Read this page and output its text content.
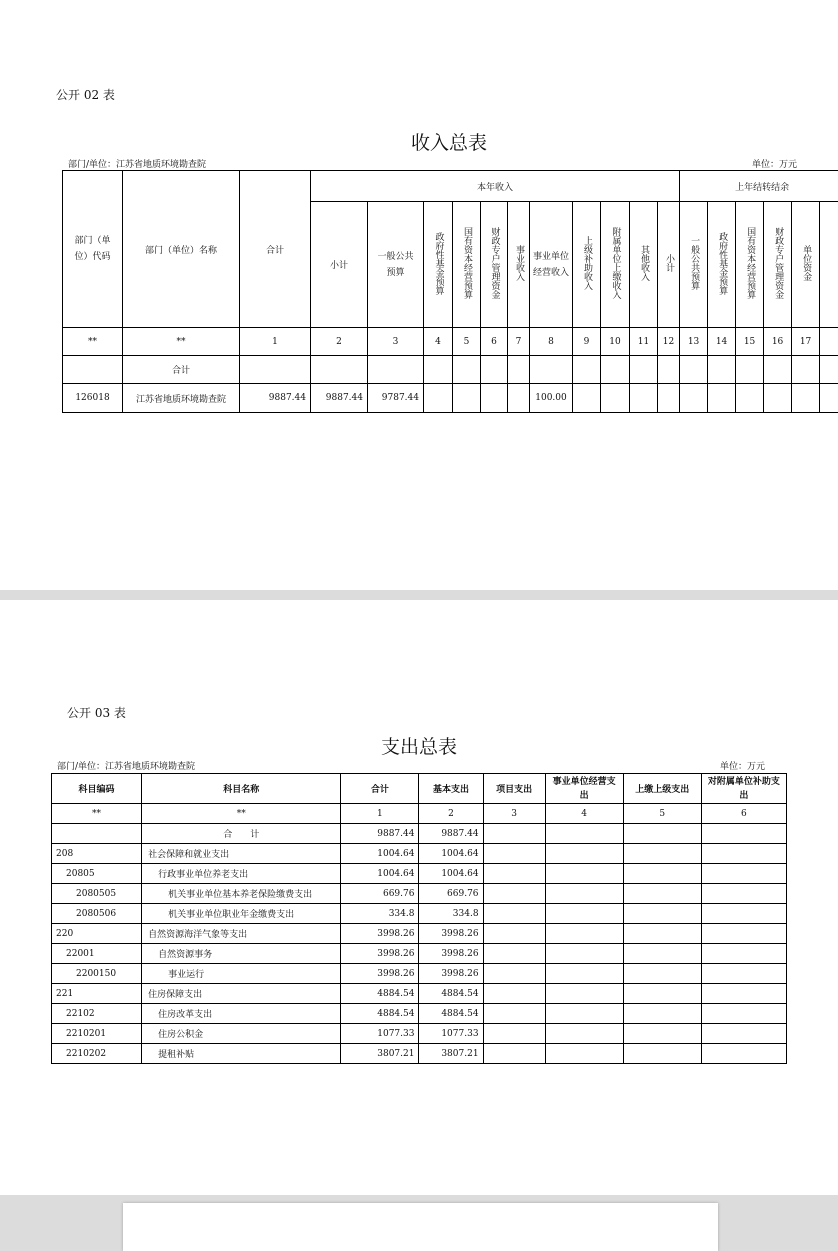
公开 02 表
收入总表
部门/单位：江苏省地质环境勘查院	单位：万元
部门（单位）代码	部门（单位）名称	合计	本年收入											上年结转结余					
			小计	一般公共预算	政府性基金预算	国有资本经营预算	财政专户管理资金	事业收入	事业单位经营收入	上级补助收入	附属单位上缴收入	其他收入	小计	一般公共预算	政府性基金预算	国有资本经营预算	财政专户管理资金	单位资金	
**	**	1	2	3	4	5	6	7	8	9	10	11	12	13	14	15	16	17	
	合计																		
126018	江苏省地质环境勘查院	9887.44	9887.44	9787.44					100.00										
公开 03 表
支出总表
部门/单位：江苏省地质环境勘查院	单位：万元
科目编码	科目名称	合计	基本支出	项目支出	事业单位经营支出	上缴上级支出	对附属单位补助支出
**	**	1	2	3	4	5	6
	合　　计	9887.44	9887.44				
208	社会保障和就业支出	1004.64	1004.64				
20805	行政事业单位养老支出	1004.64	1004.64				
2080505	机关事业单位基本养老保险缴费支出	669.76	669.76				
2080506	机关事业单位职业年金缴费支出	334.8	334.8				
220	自然资源海洋气象等支出	3998.26	3998.26				
22001	自然资源事务	3998.26	3998.26				
2200150	事业运行	3998.26	3998.26				
221	住房保障支出	4884.54	4884.54				
22102	住房改革支出	4884.54	4884.54				
2210201	住房公积金	1077.33	1077.33				
2210202	提租补贴	3807.21	3807.21				
